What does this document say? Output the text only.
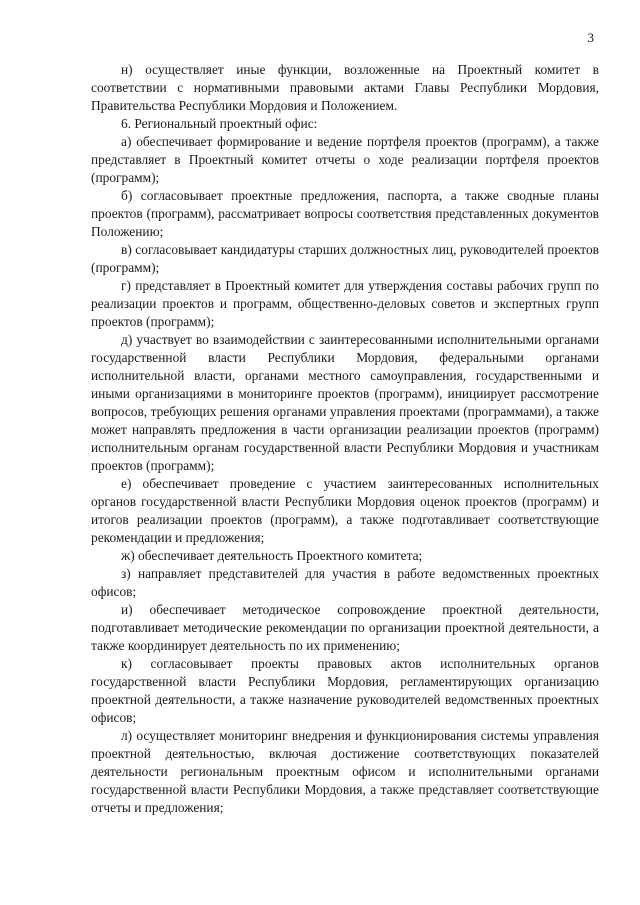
3

н) осуществляет иные функции, возложенные на Проектный комитет в соответствии с нормативными правовыми актами Главы Республики Мордовия, Правительства Республики Мордовия и Положением.

6. Региональный проектный офис:

а) обеспечивает формирование и ведение портфеля проектов (программ), а также представляет в Проектный комитет отчеты о ходе реализации портфеля проектов (программ);

б) согласовывает проектные предложения, паспорта, а также сводные планы проектов (программ), рассматривает вопросы соответствия представленных документов Положению;

в) согласовывает кандидатуры старших должностных лиц, руководителей проектов (программ);

г) представляет в Проектный комитет для утверждения составы рабочих групп по реализации проектов и программ, общественно-деловых советов и экспертных групп проектов (программ);

д) участвует во взаимодействии с заинтересованными исполнительными органами государственной власти Республики Мордовия, федеральными органами исполнительной власти, органами местного самоуправления, государственными и иными организациями в мониторинге проектов (программ), инициирует рассмотрение вопросов, требующих решения органами управления проектами (программами), а также может направлять предложения в части организации реализации проектов (программ) исполнительным органам государственной власти Республики Мордовия и участникам проектов (программ);

е) обеспечивает проведение с участием заинтересованных исполнительных органов государственной власти Республики Мордовия оценок проектов (программ) и итогов реализации проектов (программ), а также подготавливает соответствующие рекомендации и предложения;

ж) обеспечивает деятельность Проектного комитета;

з) направляет представителей для участия в работе ведомственных проектных офисов;

и) обеспечивает методическое сопровождение проектной деятельности, подготавливает методические рекомендации по организации проектной деятельности, а также координирует деятельность по их применению;

к) согласовывает проекты правовых актов исполнительных органов государственной власти Республики Мордовия, регламентирующих организацию проектной деятельности, а также назначение руководителей ведомственных проектных офисов;

л) осуществляет мониторинг внедрения и функционирования системы управления проектной деятельностью, включая достижение соответствующих показателей деятельности региональным проектным офисом и исполнительными органами государственной власти Республики Мордовия, а также представляет соответствующие отчеты и предложения;
